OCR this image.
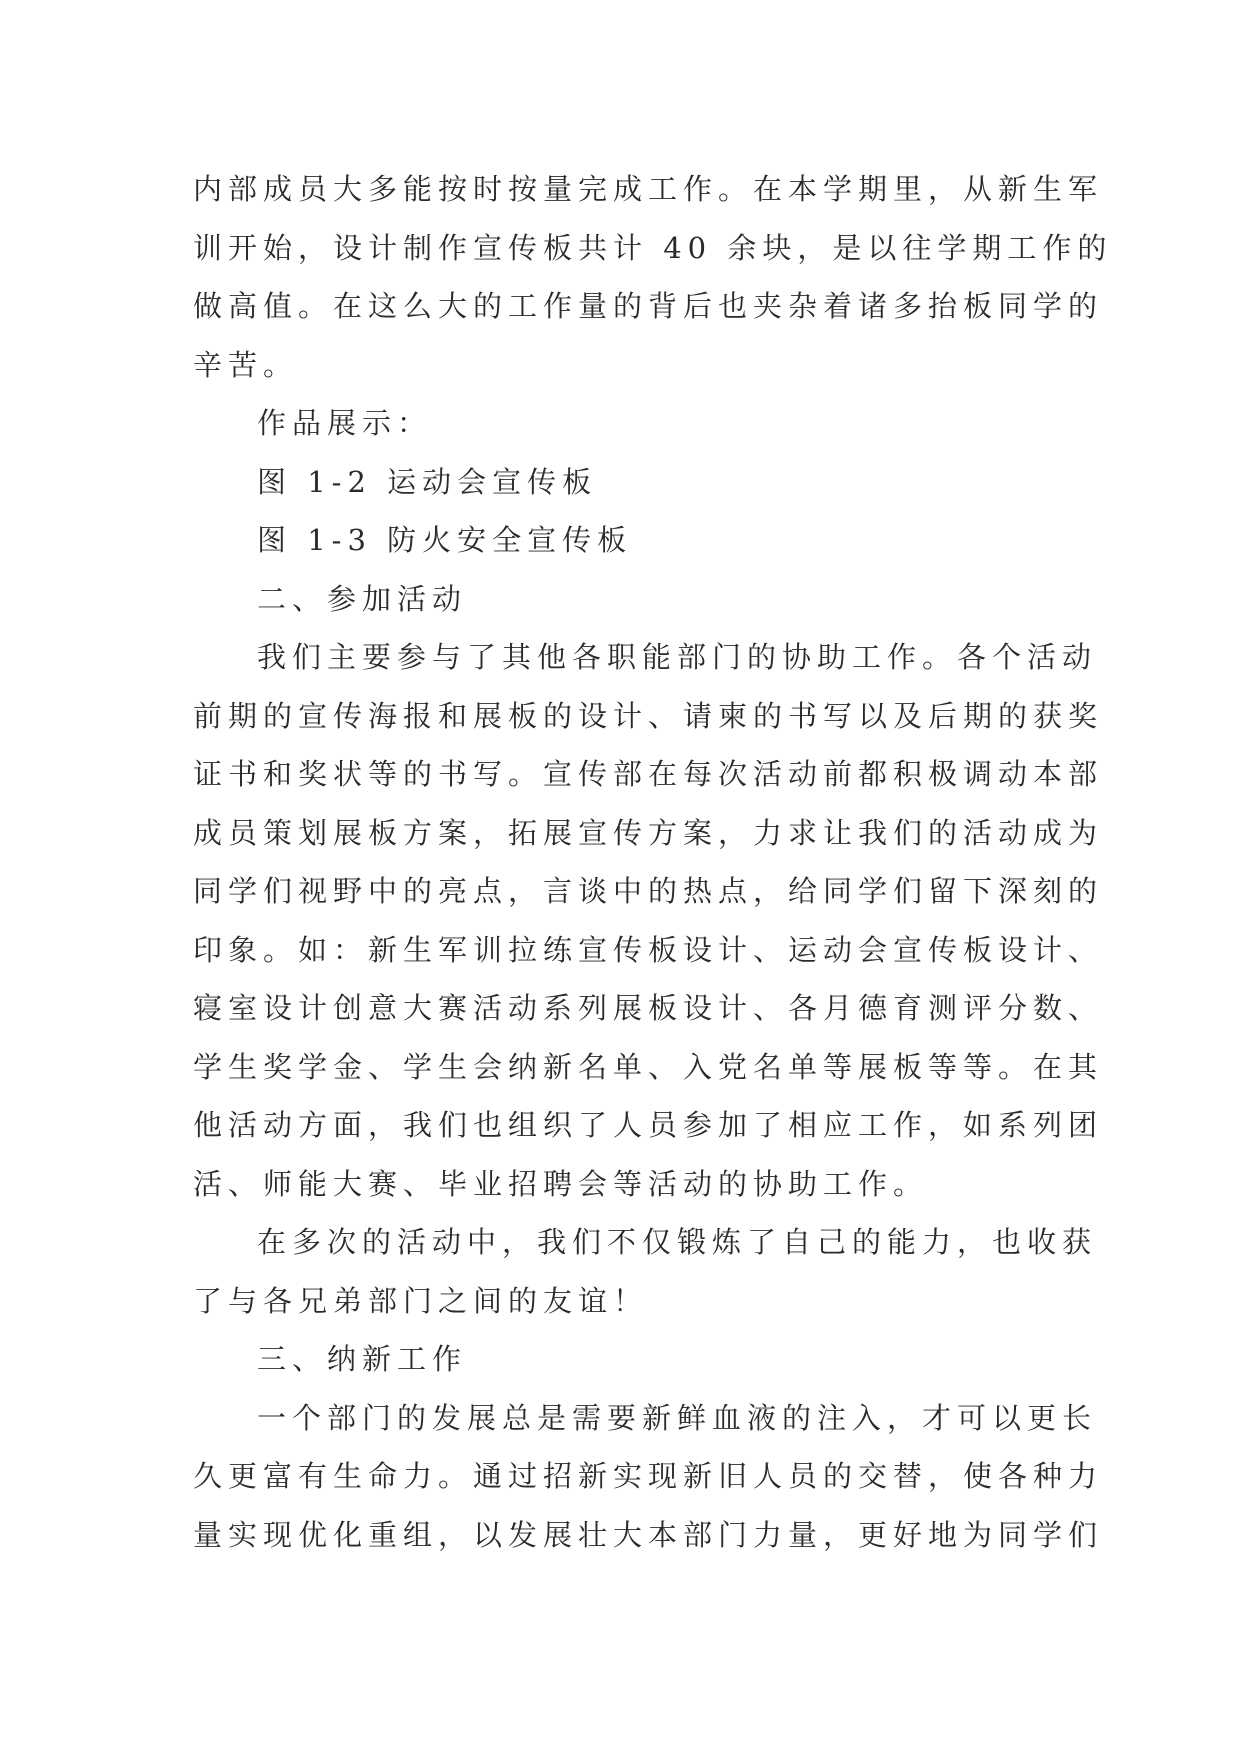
内部成员大多能按时按量完成工作。在本学期里，从新生军
训开始，设计制作宣传板共计 40 余块，是以往学期工作的
做高值。在这么大的工作量的背后也夹杂着诸多抬板同学的
辛苦。
作品展示：
图 1-2 运动会宣传板
图 1-3 防火安全宣传板
二、参加活动
我们主要参与了其他各职能部门的协助工作。各个活动
前期的宣传海报和展板的设计、请柬的书写以及后期的获奖
证书和奖状等的书写。宣传部在每次活动前都积极调动本部
成员策划展板方案，拓展宣传方案，力求让我们的活动成为
同学们视野中的亮点，言谈中的热点，给同学们留下深刻的
印象。如：新生军训拉练宣传板设计、运动会宣传板设计、
寝室设计创意大赛活动系列展板设计、各月德育测评分数、
学生奖学金、学生会纳新名单、入党名单等展板等等。在其
他活动方面，我们也组织了人员参加了相应工作，如系列团
活、师能大赛、毕业招聘会等活动的协助工作。
在多次的活动中，我们不仅锻炼了自己的能力，也收获
了与各兄弟部门之间的友谊！
三、纳新工作
一个部门的发展总是需要新鲜血液的注入，才可以更长
久更富有生命力。通过招新实现新旧人员的交替，使各种力
量实现优化重组，以发展壮大本部门力量，更好地为同学们
